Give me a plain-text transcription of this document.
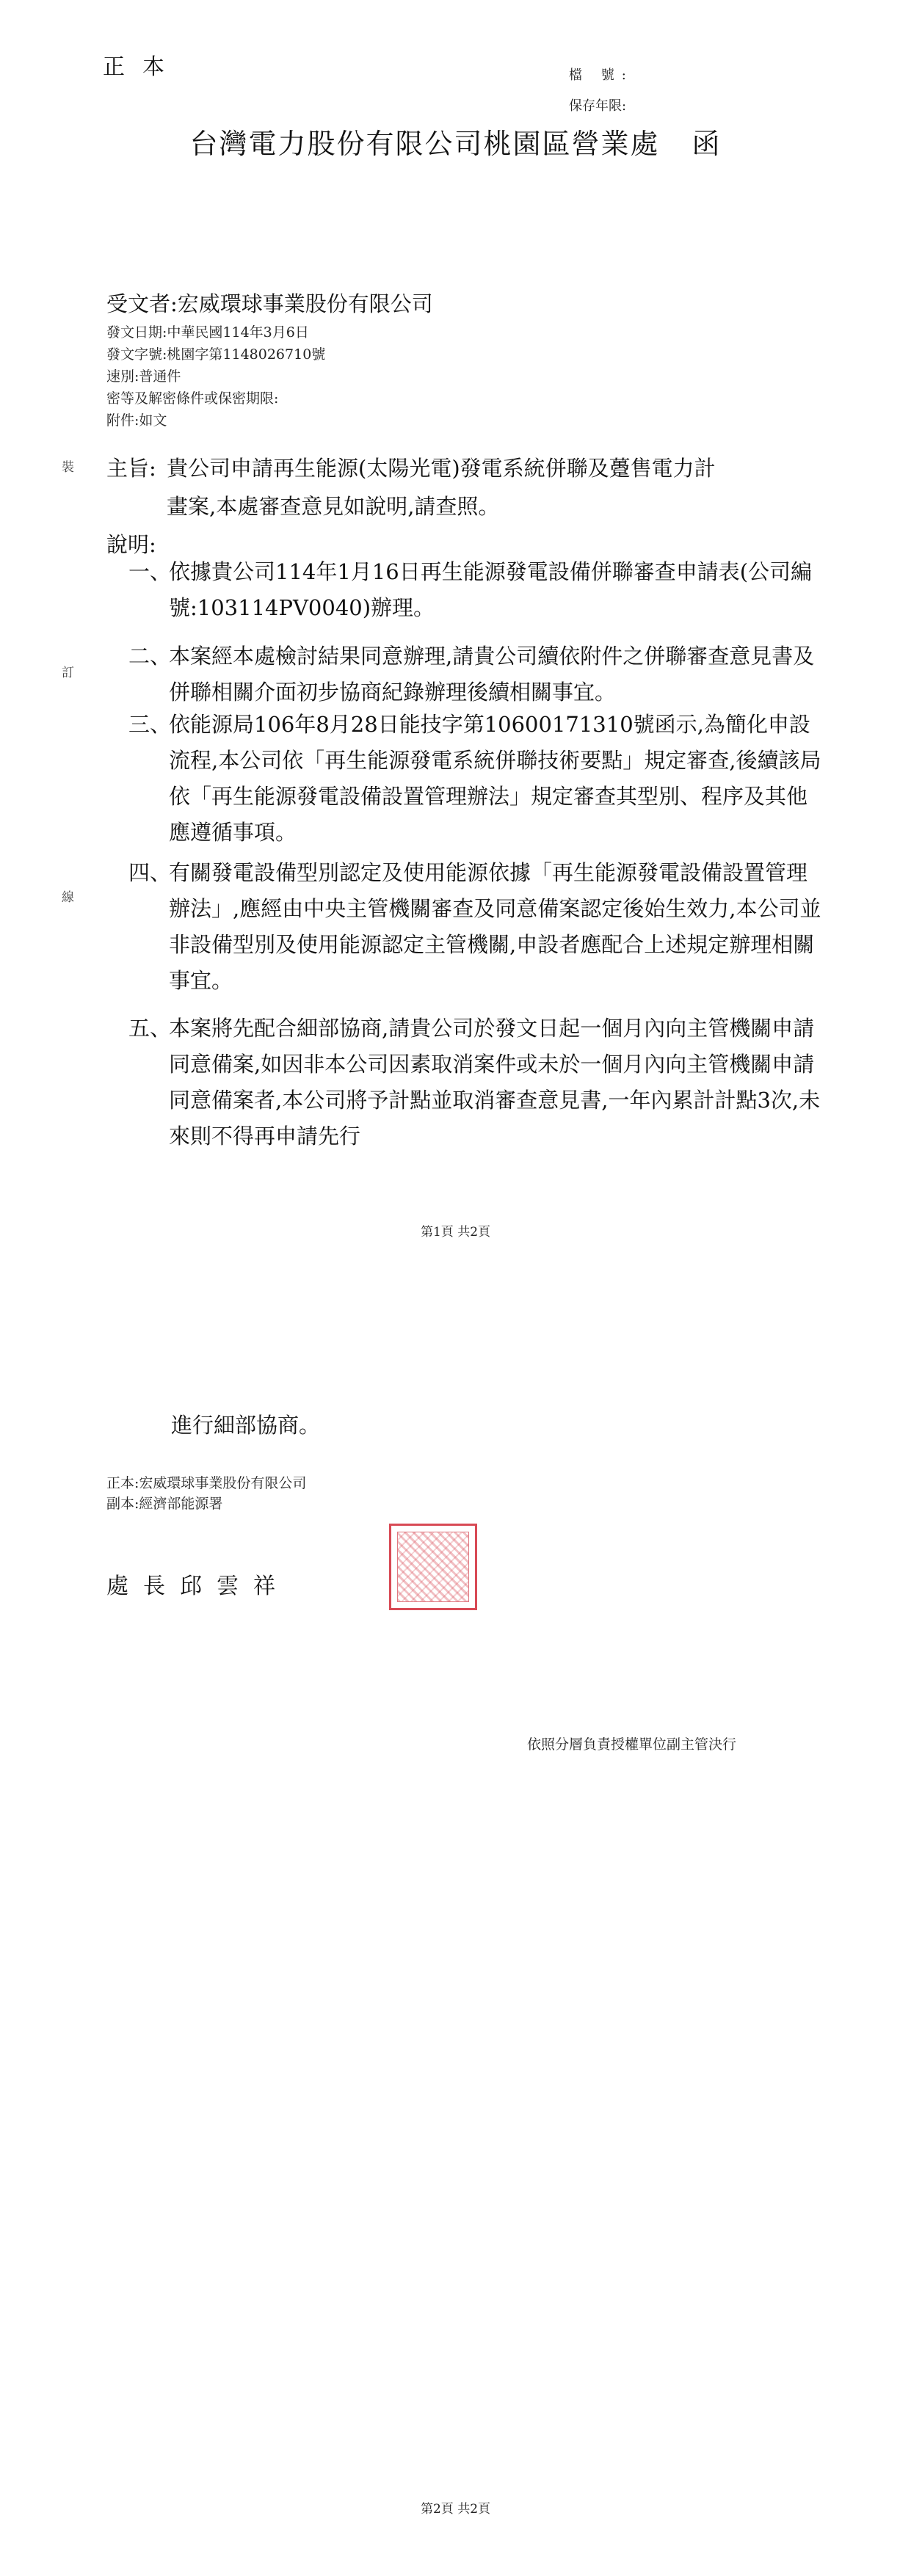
正本	檔 號:
保存年限:
台灣電力股份有限公司桃園區營業處 函
受文者:宏威環球事業股份有限公司
發文日期:中華民國114年3月6日
發文字號:桃園字第1148026710號
速別:普通件
密等及解密條件或保密期限:
附件:如文
裝
訂
線
主旨: 貴公司申請再生能源(太陽光電)發電系統併聯及躉售電力計
畫案,本處審查意見如說明,請查照。
說明:
一、
依據貴公司114年1月16日再生能源發電設備併聯審查申請表(公司編號:103114PV0040)辦理。
二、
本案經本處檢討結果同意辦理,請貴公司續依附件之併聯審查意見書及併聯相關介面初步協商紀錄辦理後續相關事宜。
三、
依能源局106年8月28日能技字第10600171310號函示,為簡化申設流程,本公司依「再生能源發電系統併聯技術要點」規定審查,後續該局依「再生能源發電設備設置管理辦法」規定審查其型別、程序及其他應遵循事項。
四、
有關發電設備型別認定及使用能源依據「再生能源發電設備設置管理辦法」,應經由中央主管機關審查及同意備案認定後始生效力,本公司並非設備型別及使用能源認定主管機關,申設者應配合上述規定辦理相關事宜。
五、
本案將先配合細部協商,請貴公司於發文日起一個月內向主管機關申請同意備案,如因非本公司因素取消案件或未於一個月內向主管機關申請同意備案者,本公司將予計點並取消審查意見書,一年內累計計點3次,未來則不得再申請先行
第1頁 共2頁
進行細部協商。
正本:宏威環球事業股份有限公司
副本:經濟部能源署
處長邱雲祥
依照分層負責授權單位副主管決行
第2頁 共2頁
